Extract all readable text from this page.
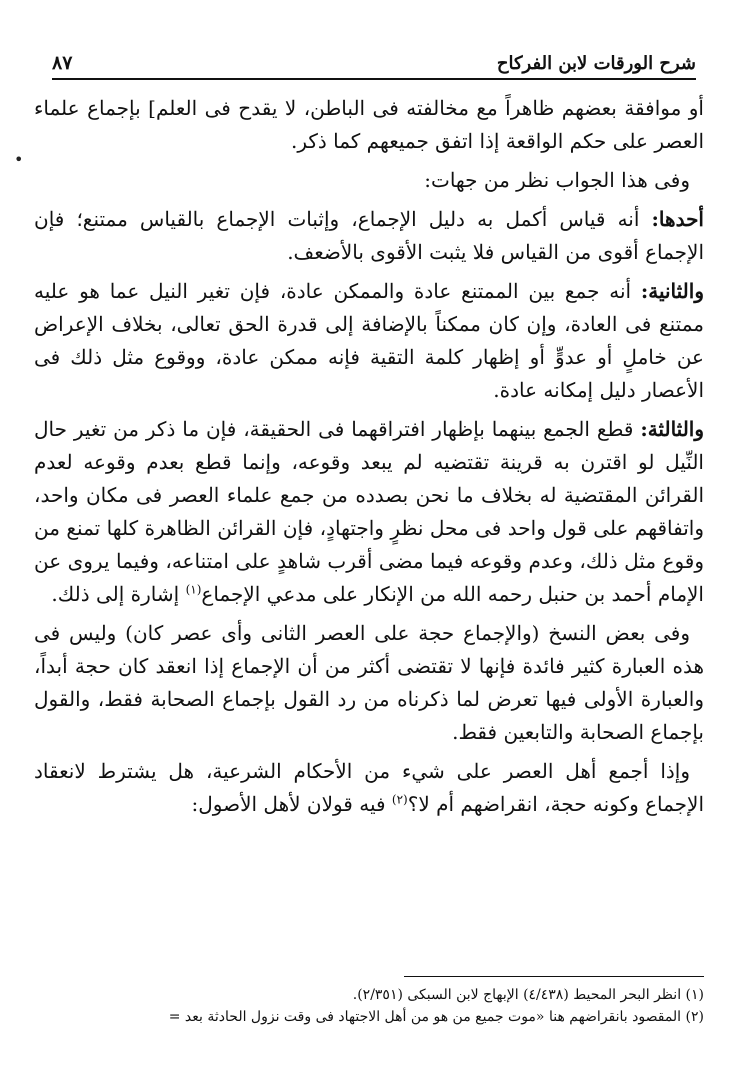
شرح الورقات لابن الفركاح
٨٧
•

أو موافقة بعضهم ظاهراً مع مخالفته فى الباطن، لا يقدح فى العلم] بإجماع علماء العصر على حكم الواقعة إذا اتفق جميعهم كما ذكر.

وفى هذا الجواب نظر من جهات:

أحدها: أنه قياس أكمل به دليل الإجماع، وإثبات الإجماع بالقياس ممتنع؛ فإن الإجماع أقوى من القياس فلا يثبت الأقوى بالأضعف.

والثانية: أنه جمع بين الممتنع عادة والممكن عادة، فإن تغير النيل عما هو عليه ممتنع فى العادة، وإن كان ممكناً بالإضافة إلى قدرة الحق تعالى، بخلاف الإعراض عن خاملٍ أو عدوٍّ أو إظهار كلمة التقية فإنه ممكن عادة، ووقوع مثل ذلك فى الأعصار دليل إمكانه عادة.

والثالثة: قطع الجمع بينهما بإظهار افتراقهما فى الحقيقة، فإن ما ذكر من تغير حال النِّيل لو اقترن به قرينة تقتضيه لم يبعد وقوعه، وإنما قطع بعدم وقوعه لعدم القرائن المقتضية له بخلاف ما نحن بصدده من جمع علماء العصر فى مكان واحد، واتفاقهم على قول واحد فى محل نظرٍ واجتهادٍ، فإن القرائن الظاهرة كلها تمنع من وقوع مثل ذلك، وعدم وقوعه فيما مضى أقرب شاهدٍ على امتناعه، وفيما يروى عن الإمام أحمد بن حنبل رحمه الله من الإنكار على مدعي الإجماع$^{(١)}$ إشارة إلى ذلك.

وفى بعض النسخ (والإجماع حجة على العصر الثانى وأى عصر كان) وليس فى هذه العبارة كثير فائدة فإنها لا تقتضى أكثر من أن الإجماع إذا انعقد كان حجة أبداً، والعبارة الأولى فيها تعرض لما ذكرناه من رد القول بإجماع الصحابة فقط، والقول بإجماع الصحابة والتابعين فقط.

وإذا أجمع أهل العصر على شيء من الأحكام الشرعية، هل يشترط لانعقاد الإجماع وكونه حجة، انقراضهم أم لا؟$^{(٢)}$ فيه قولان لأهل الأصول:

(١) انظر البحر المحيط (٤/٤٣٨) الإبهاج لابن السبكى (٢/٣٥١).

(٢) المقصود بانقراضهم هنا «موت جميع من هو من أهل الاجتهاد فى وقت نزول الحادثة بعد =
